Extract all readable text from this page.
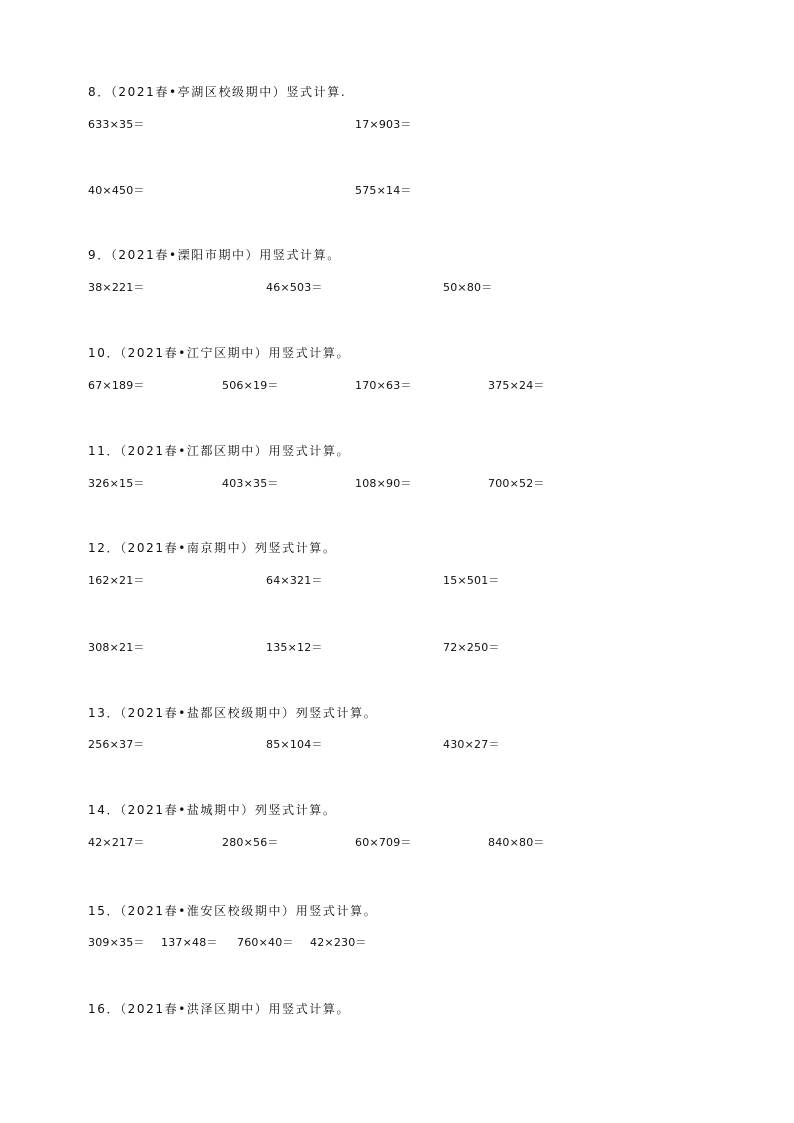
8．（2021春•亭湖区校级期中）竖式计算.
633×35＝	17×903＝
40×450＝	575×14＝
9．（2021春•溧阳市期中）用竖式计算。
38×221＝	46×503＝	50×80＝
10．（2021春•江宁区期中）用竖式计算。
67×189＝	506×19＝	170×63＝	375×24＝
11．（2021春•江都区期中）用竖式计算。
326×15＝	403×35＝	108×90＝	700×52＝
12．（2021春•南京期中）列竖式计算。
162×21＝	64×321＝	15×501＝
308×21＝	135×12＝	72×250＝
13．（2021春•盐都区校级期中）列竖式计算。
256×37＝	85×104＝	430×27＝
14．（2021春•盐城期中）列竖式计算。
42×217＝	280×56＝	60×709＝	840×80＝
15．（2021春•淮安区校级期中）用竖式计算。
309×35＝ 137×48＝ 760×40＝ 42×230＝
16．（2021春•洪泽区期中）用竖式计算。
